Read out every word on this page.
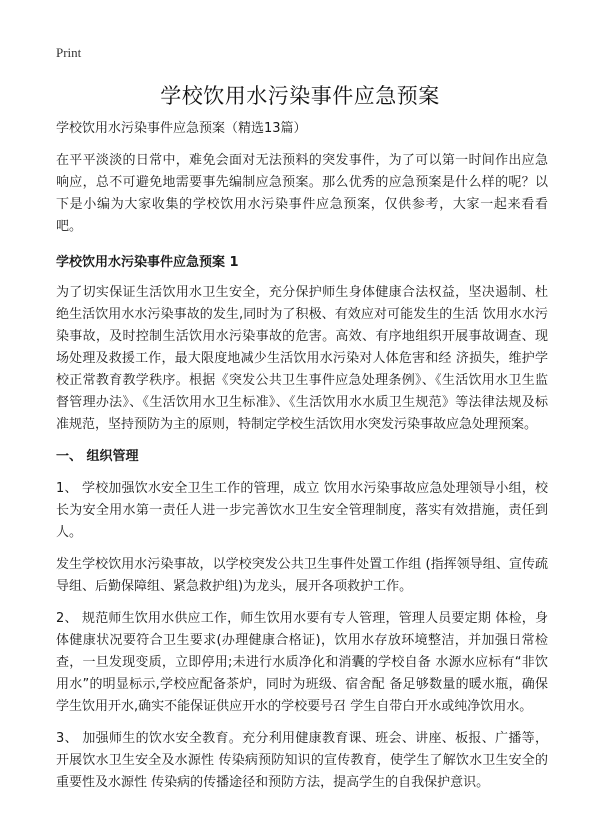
Print
学校饮用水污染事件应急预案

学校饮用水污染事件应急预案（精选13篇）

在平平淡淡的日常中，难免会面对无法预料的突发事件，为了可以第一时间作出应急响应，总不可避免地需要事先编制应急预案。那么优秀的应急预案是什么样的呢？以下是小编为大家收集的学校饮用水污染事件应急预案，仅供参考，大家一起来看看吧。

学校饮用水污染事件应急预案 1

为了切实保证生活饮用水卫生安全，充分保护师生身体健康合法权益，坚决遏制、杜绝生活饮用水水污染事故的发生,同时为了积极、有效应对可能发生的生活 饮用水水污染事故，及时控制生活饮用水污染事故的危害。高效、有序地组织开展事故调查、现场处理及救援工作，最大限度地减少生活饮用水污染对人体危害和经 济损失，维护学校正常教育教学秩序。根据《突发公共卫生事件应急处理条例》、《生活饮用水卫生监督管理办法》、《生活饮用水卫生标准》、《生活饮用水水质卫生规范》等法律法规及标准规范，坚持预防为主的原则，特制定学校生活饮用水突发污染事故应急处理预案。

一、 组织管理

1、 学校加强饮水安全卫生工作的管理，成立 饮用水污染事故应急处理领导小组，校长为安全用水第一责任人进一步完善饮水卫生安全管理制度，落实有效措施，责任到人。

发生学校饮用水污染事故，以学校突发公共卫生事件处置工作组 (指挥领导组、宣传疏导组、后勤保障组、紧急救护组)为龙头，展开各项救护工作。

2、 规范师生饮用水供应工作，师生饮用水要有专人管理，管理人员要定期 体检，身体健康状况要符合卫生要求(办理健康合格证)，饮用水存放环境整洁，并加强日常检查，一旦发现变质，立即停用;未进行水质净化和消囊的学校自备 水源水应标有“非饮用水”的明显标示,学校应配备茶炉，同时为班级、宿舍配 备足够数量的暖水瓶，确保学生饮用开水,确实不能保证供应开水的学校要号召 学生自带白开水或纯净饮用水。

3、 加强师生的饮水安全教育。充分利用健康教育课、班会、讲座、板报、广播等，开展饮水卫生安全及水源性 传染病预防知识的宣传教育，使学生了解饮水卫生安全的重要性及水源性 传染病的传播途径和预防方法，提高学生的自我保护意识。
